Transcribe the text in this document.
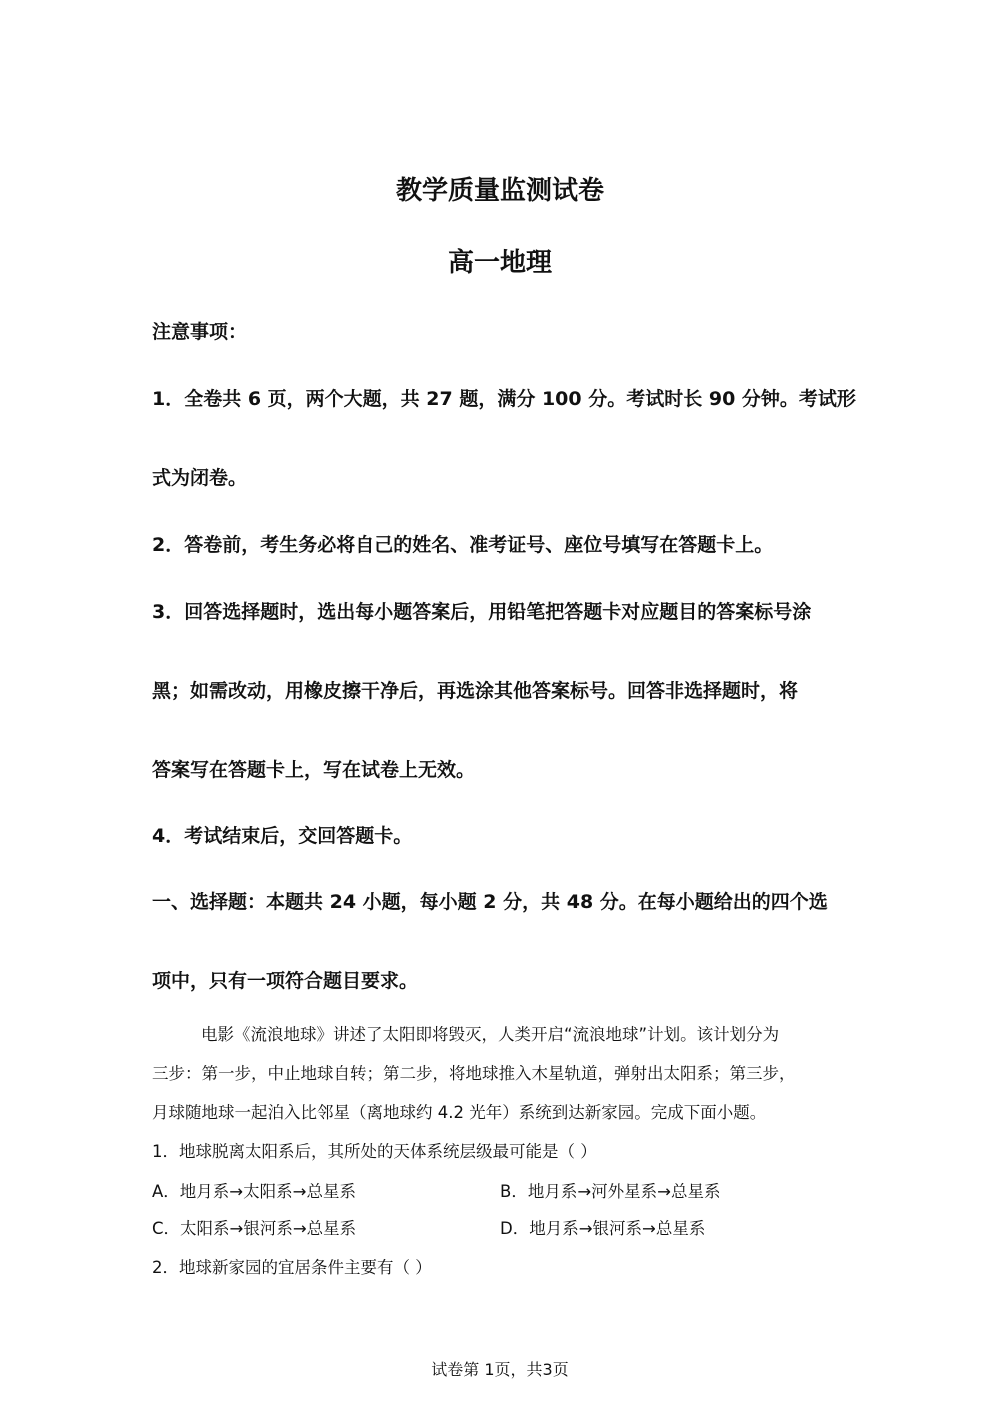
教学质量监测试卷
高一地理
注意事项：
1．全卷共 6 页，两个大题，共 27 题，满分 100 分。考试时长 90 分钟。考试形
式为闭卷。
2．答卷前，考生务必将自己的姓名、准考证号、座位号填写在答题卡上。
3．回答选择题时，选出每小题答案后，用铅笔把答题卡对应题目的答案标号涂
黑；如需改动，用橡皮擦干净后，再选涂其他答案标号。回答非选择题时，将
答案写在答题卡上，写在试卷上无效。
4．考试结束后，交回答题卡。
一、选择题：本题共 24 小题，每小题 2 分，共 48 分。在每小题给出的四个选
项中，只有一项符合题目要求。
电影《流浪地球》讲述了太阳即将毁灭，人类开启“流浪地球”计划。该计划分为
三步：第一步，中止地球自转；第二步，将地球推入木星轨道，弹射出太阳系；第三步，
月球随地球一起泊入比邻星（离地球约 4.2 光年）系统到达新家园。完成下面小题。
1．地球脱离太阳系后，其所处的天体系统层级最可能是（ ）
A．地月系→太阳系→总星系	B．地月系→河外星系→总星系
C．太阳系→银河系→总星系	D．地月系→银河系→总星系
2．地球新家园的宜居条件主要有（ ）
试卷第 1页，共3页
